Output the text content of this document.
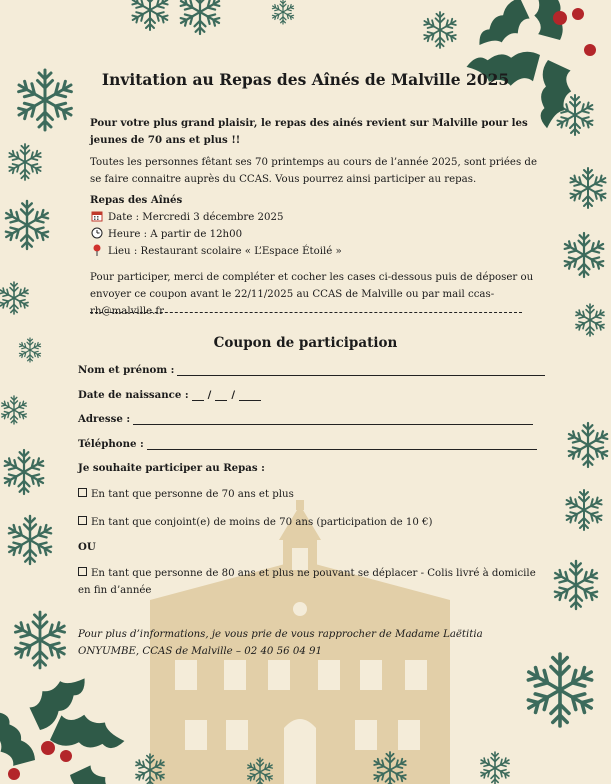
Invitation au Repas des Aînés de Malville 2025

Pour votre plus grand plaisir, le repas des ainés revient sur Malville pour les jeunes de 70 ans et plus !!

Toutes les personnes fêtant ses 70 printemps au cours de l’année 2025, sont priées de se faire connaitre auprès du CCAS. Vous pourrez ainsi participer au repas.

Repas des Aînés

Date : Mercredi 3 décembre 2025
Heure : A partir de 12h00
Lieu : Restaurant scolaire « L’Espace Étoilé »

Pour participer, merci de compléter et cocher les cases ci-dessous puis de déposer ou envoyer ce coupon avant le 22/11/2025 au CCAS de Malville ou par mail ccas-rh@malville.fr

Coupon de participation
Nom et prénom :
Date de naissance : / /
Adresse :
Téléphone :

Je souhaite participer au Repas :

En tant que personne de 70 ans et plus
En tant que conjoint(e) de moins de 70 ans (participation de 10 €)

OU

En tant que personne de 80 ans et plus ne pouvant se déplacer - Colis livré à domicile en fin d’année

Pour plus d’informations, je vous prie de vous rapprocher de Madame Laëtitia ONYUMBE, CCAS de Malville – 02 40 56 04 91
